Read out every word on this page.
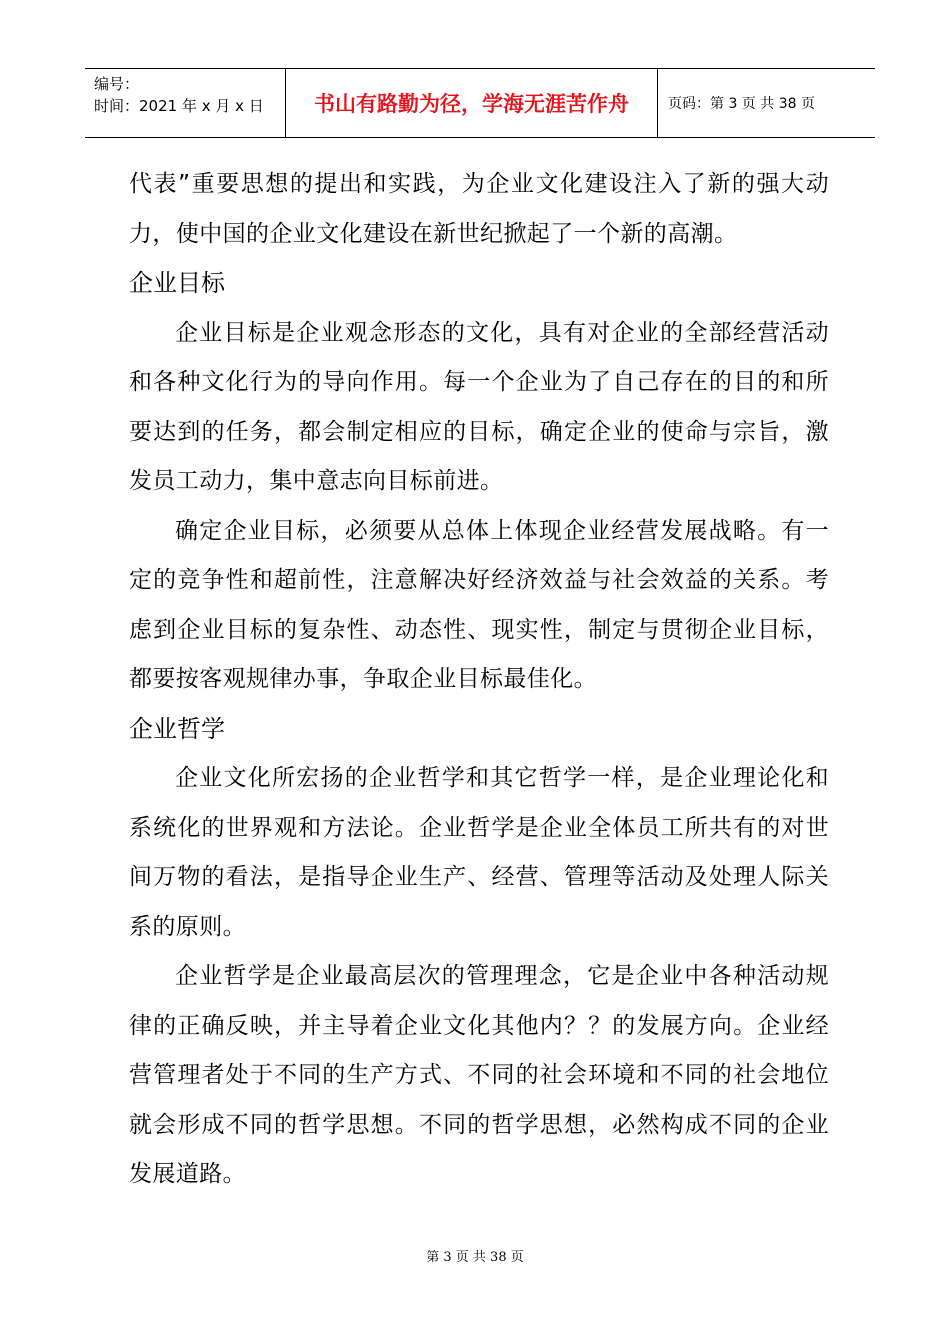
编号：
时间：2021 年 x 月 x 日	书山有路勤为径，学海无涯苦作舟	页码：第 3 页 共 38 页

代表”重要思想的提出和实践，为企业文化建设注入了新的强大动力，使中国的企业文化建设在新世纪掀起了一个新的高潮。

企业目标

企业目标是企业观念形态的文化，具有对企业的全部经营活动和各种文化行为的导向作用。每一个企业为了自己存在的目的和所要达到的任务，都会制定相应的目标，确定企业的使命与宗旨，激发员工动力，集中意志向目标前进。

确定企业目标，必须要从总体上体现企业经营发展战略。有一定的竞争性和超前性，注意解决好经济效益与社会效益的关系。考虑到企业目标的复杂性、动态性、现实性，制定与贯彻企业目标，都要按客观规律办事，争取企业目标最佳化。

企业哲学

企业文化所宏扬的企业哲学和其它哲学一样，是企业理论化和系统化的世界观和方法论。企业哲学是企业全体员工所共有的对世间万物的看法，是指导企业生产、经营、管理等活动及处理人际关系的原则。

企业哲学是企业最高层次的管理理念，它是企业中各种活动规律的正确反映，并主导着企业文化其他内？？的发展方向。企业经营管理者处于不同的生产方式、不同的社会环境和不同的社会地位就会形成不同的哲学思想。不同的哲学思想，必然构成不同的企业发展道路。

第 3 页 共 38 页
